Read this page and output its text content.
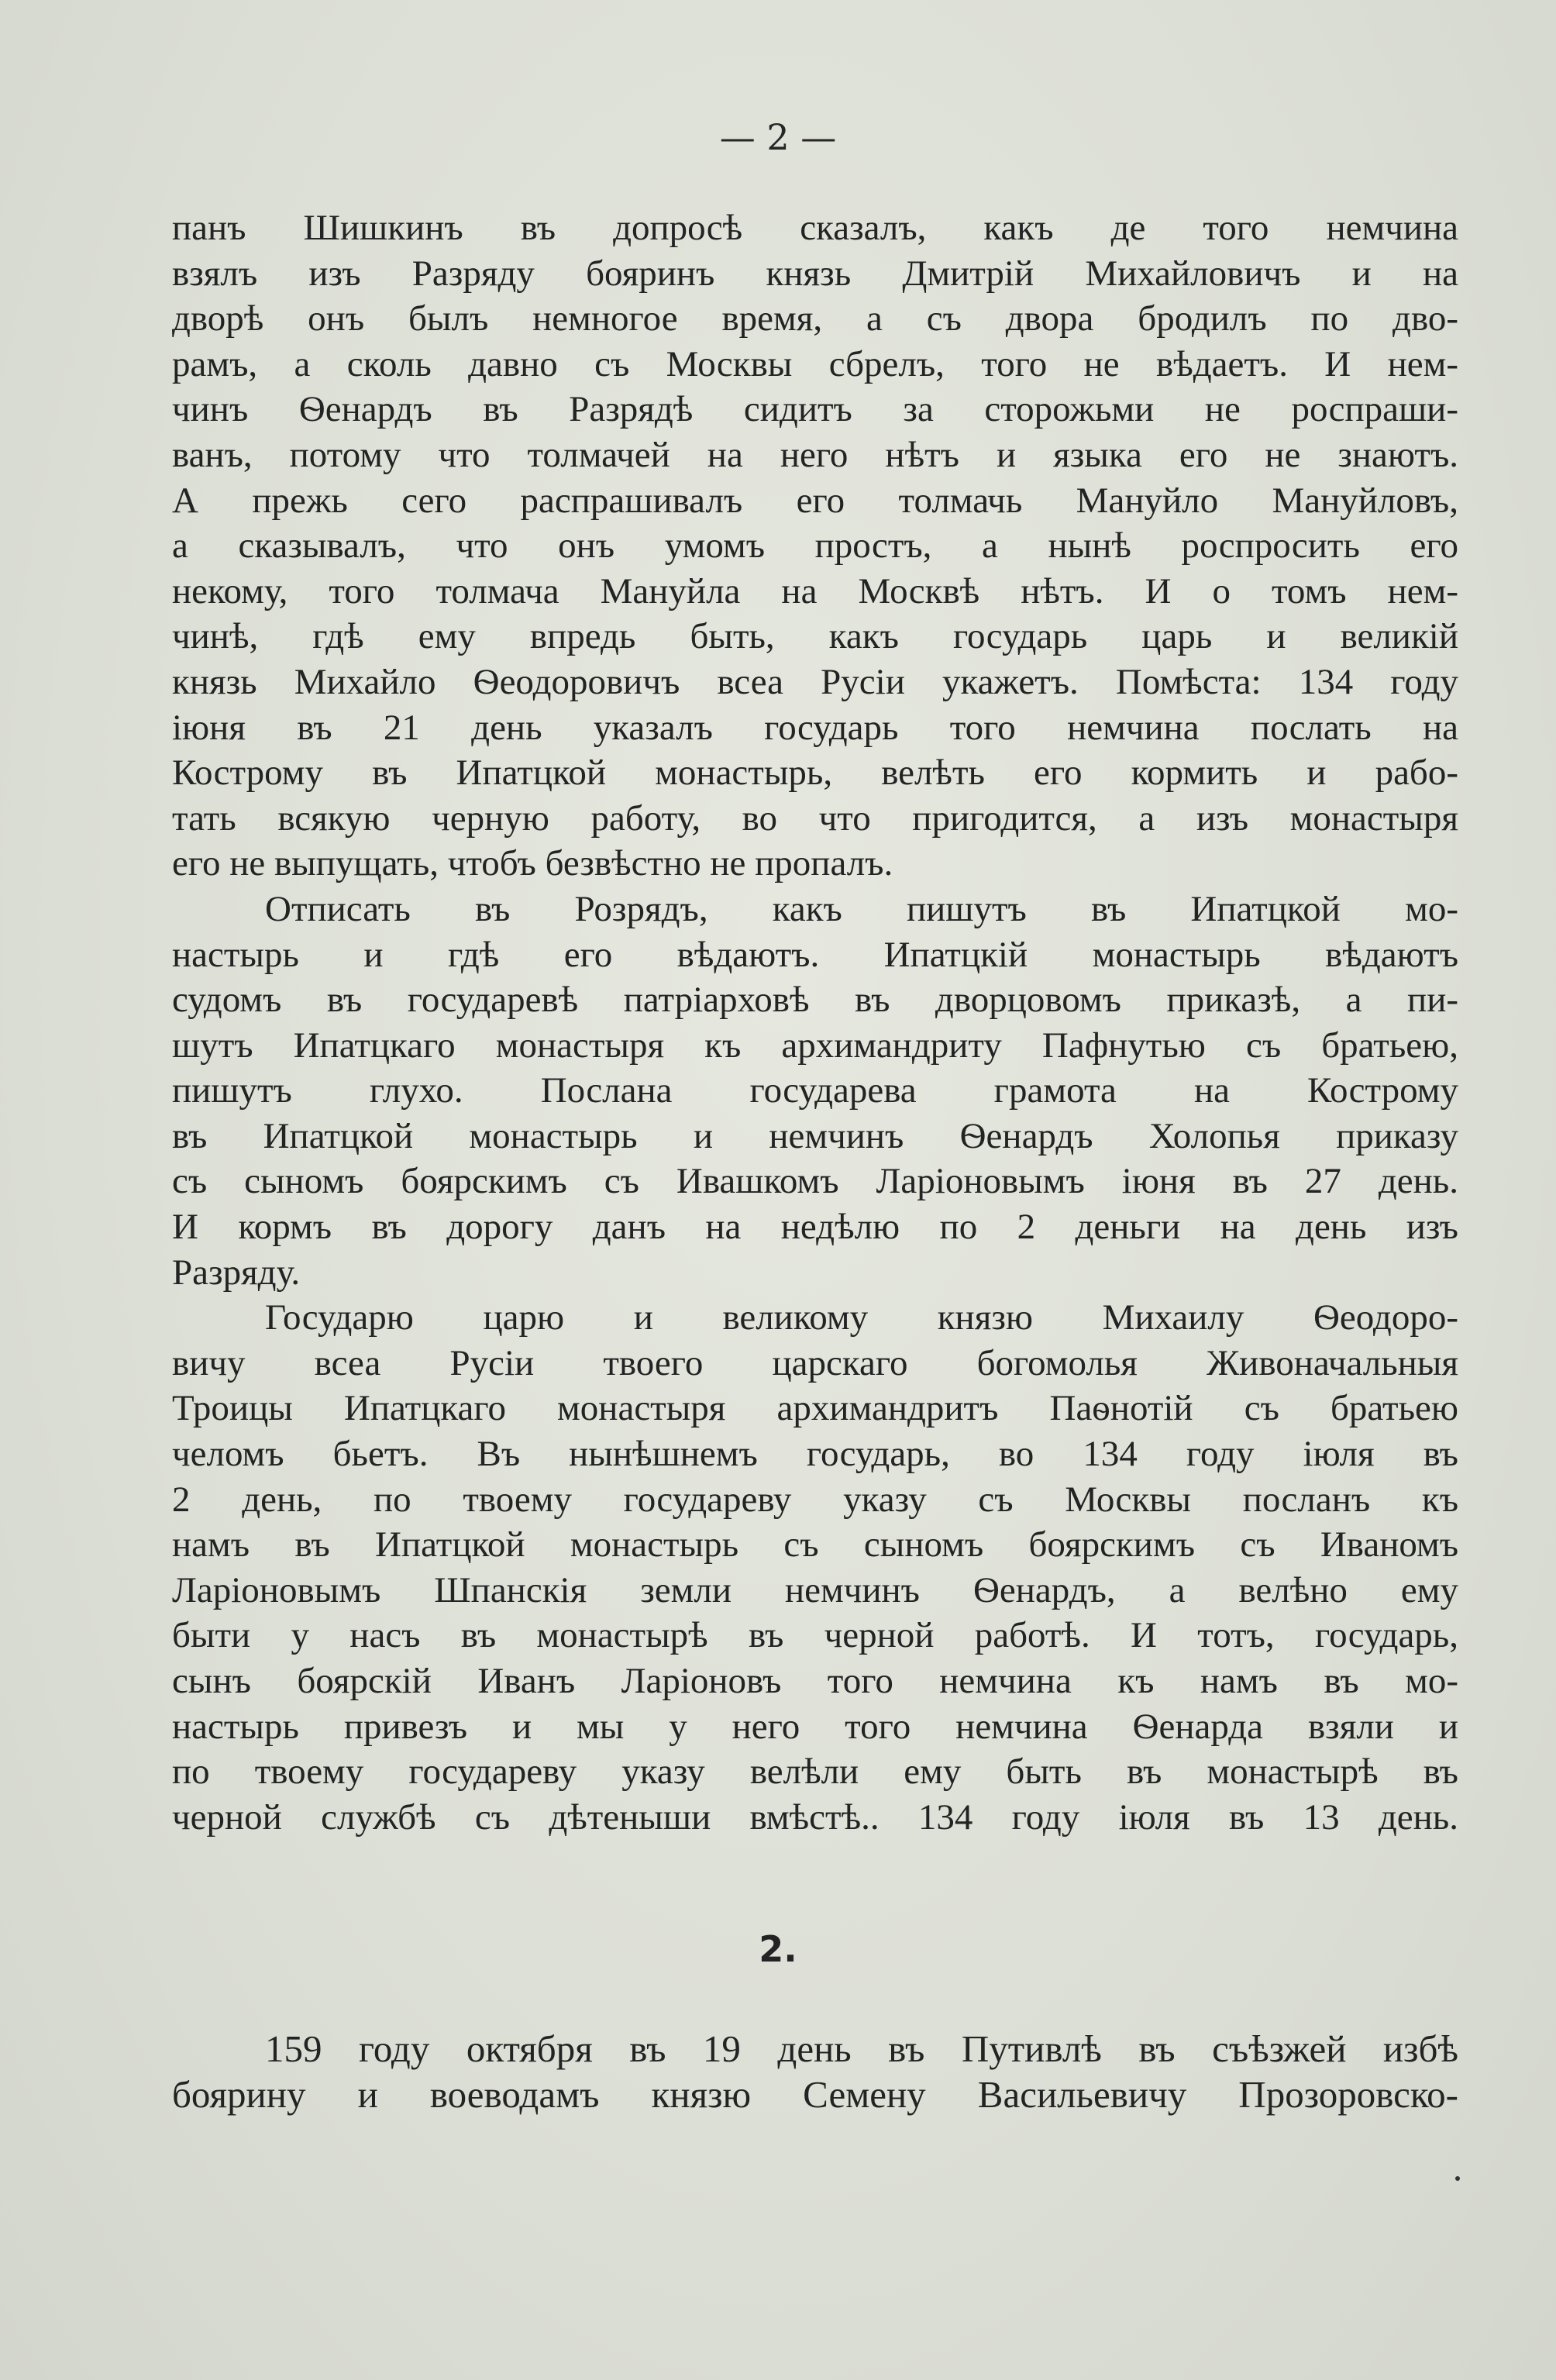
— 2 —
панъ Шишкинъ въ допросѣ сказалъ, какъ де того немчина
взялъ изъ Разряду бояринъ князь Дмитрій Михайловичъ и на
дворѣ онъ былъ немногое время, а съ двора бродилъ по дво-
рамъ, а сколь давно съ Москвы сбрелъ, того не вѣдаетъ. И нем-
чинъ Ѳенардъ въ Разрядѣ сидитъ за сторожьми не роспраши-
ванъ, потому что толмачей на него нѣтъ и языка его не знаютъ.
А прежь сего распрашивалъ его толмачь Мануйло Мануйловъ,
а сказывалъ, что онъ умомъ простъ, а нынѣ роспросить его
некому, того толмача Мануйла на Москвѣ нѣтъ. И о томъ нем-
чинѣ, гдѣ ему впредь быть, какъ государь царь и великій
князь Михайло Ѳеодоровичъ всеа Русіи укажетъ. Помѣста: 134 году
іюня въ 21 день указалъ государь того немчина послать на
Кострому въ Ипатцкой монастырь, велѣть его кормить и рабо-
тать всякую черную работу, во что пригодится, а изъ монастыря
его не выпущать, чтобъ безвѣстно не пропалъ.
Отписать въ Розрядъ, какъ пишутъ въ Ипатцкой мо-
настырь и гдѣ его вѣдаютъ. Ипатцкій монастырь вѣдаютъ
судомъ въ государевѣ патріарховѣ въ дворцовомъ приказѣ, а пи-
шутъ Ипатцкаго монастыря къ архимандриту Пафнутью съ братьею,
пишутъ глухо. Послана государева грамота на Кострому
въ Ипатцкой монастырь и немчинъ Ѳенардъ Холопья приказу
съ сыномъ боярскимъ съ Ивашкомъ Ларіоновымъ іюня въ 27 день.
И кормъ въ дорогу данъ на недѣлю по 2 деньги на день изъ
Разряду.
Государю царю и великому князю Михаилу Ѳеодоро-
вичу всеа Русіи твоего царскаго богомолья Живоначальныя
Троицы Ипатцкаго монастыря архимандритъ Паѳнотій съ братьею
челомъ бьетъ. Въ нынѣшнемъ государь, во 134 году іюля въ
2 день, по твоему государеву указу съ Москвы посланъ къ
намъ въ Ипатцкой монастырь съ сыномъ боярскимъ съ Иваномъ
Ларіоновымъ Шпанскія земли немчинъ Ѳенардъ, а велѣно ему
быти у насъ въ монастырѣ въ черной работѣ. И тотъ, государь,
сынъ боярскій Иванъ Ларіоновъ того немчина къ намъ въ мо-
настырь привезъ и мы у него того немчина Ѳенарда взяли и
по твоему государеву указу велѣли ему быть въ монастырѣ въ
черной службѣ съ дѣтеныши вмѣстѣ.. 134 году іюля въ 13 день.
2.
159 году октября въ 19 день въ Путивлѣ въ съѣзжей избѣ
боярину и воеводамъ князю Семену Васильевичу Прозоровско-
